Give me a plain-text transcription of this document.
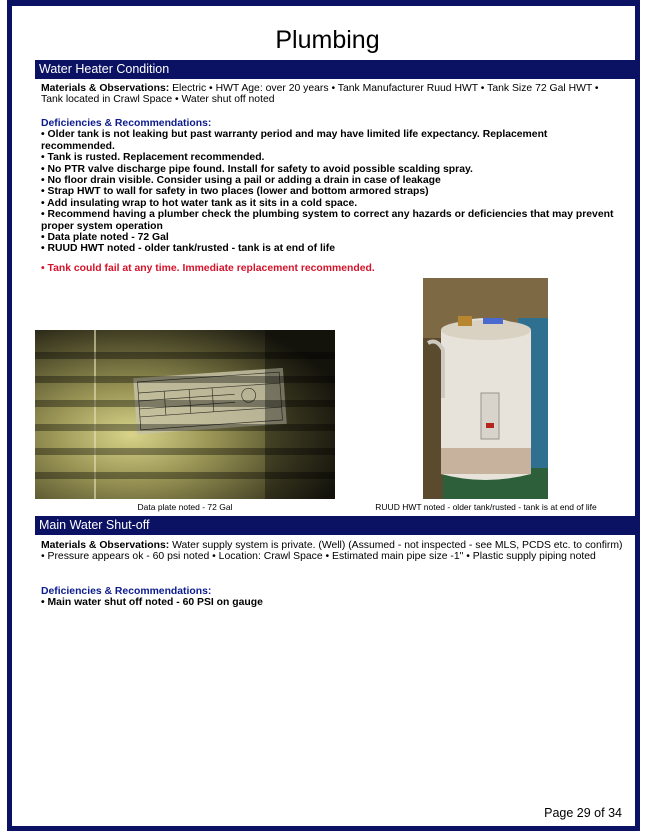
Plumbing
Water Heater Condition
Materials & Observations: Electric • HWT Age: over 20 years • Tank Manufacturer Ruud HWT • Tank Size 72 Gal HWT • Tank located in Crawl Space • Water shut off noted
Deficiencies & Recommendations:
• Older tank is not leaking but past warranty period and may have limited life expectancy. Replacement recommended.
• Tank is rusted. Replacement recommended.
• No PTR valve discharge pipe found. Install for safety to avoid possible scalding spray.
• No floor drain visible. Consider using a pail or adding a drain in case of leakage
• Strap HWT to wall for safety in two places (lower and bottom armored straps)
• Add insulating wrap to hot water tank as it sits in a cold space.
• Recommend having a plumber check the plumbing system to correct any hazards or deficiencies that may prevent proper system operation
• Data plate noted - 72 Gal
• RUUD HWT noted - older tank/rusted - tank is at end of life
• Tank could fail at any time. Immediate replacement recommended.
Data plate noted - 72 Gal	RUUD HWT noted - older tank/rusted - tank is at end of life
Main Water Shut-off
Materials & Observations: Water supply system is private. (Well) (Assumed - not inspected - see MLS, PCDS etc. to confirm) • Pressure appears ok - 60 psi noted • Location: Crawl Space • Estimated main pipe size -1" • Plastic supply piping noted
Deficiencies & Recommendations:
• Main water shut off noted - 60 PSI on gauge
Page 29 of 34
